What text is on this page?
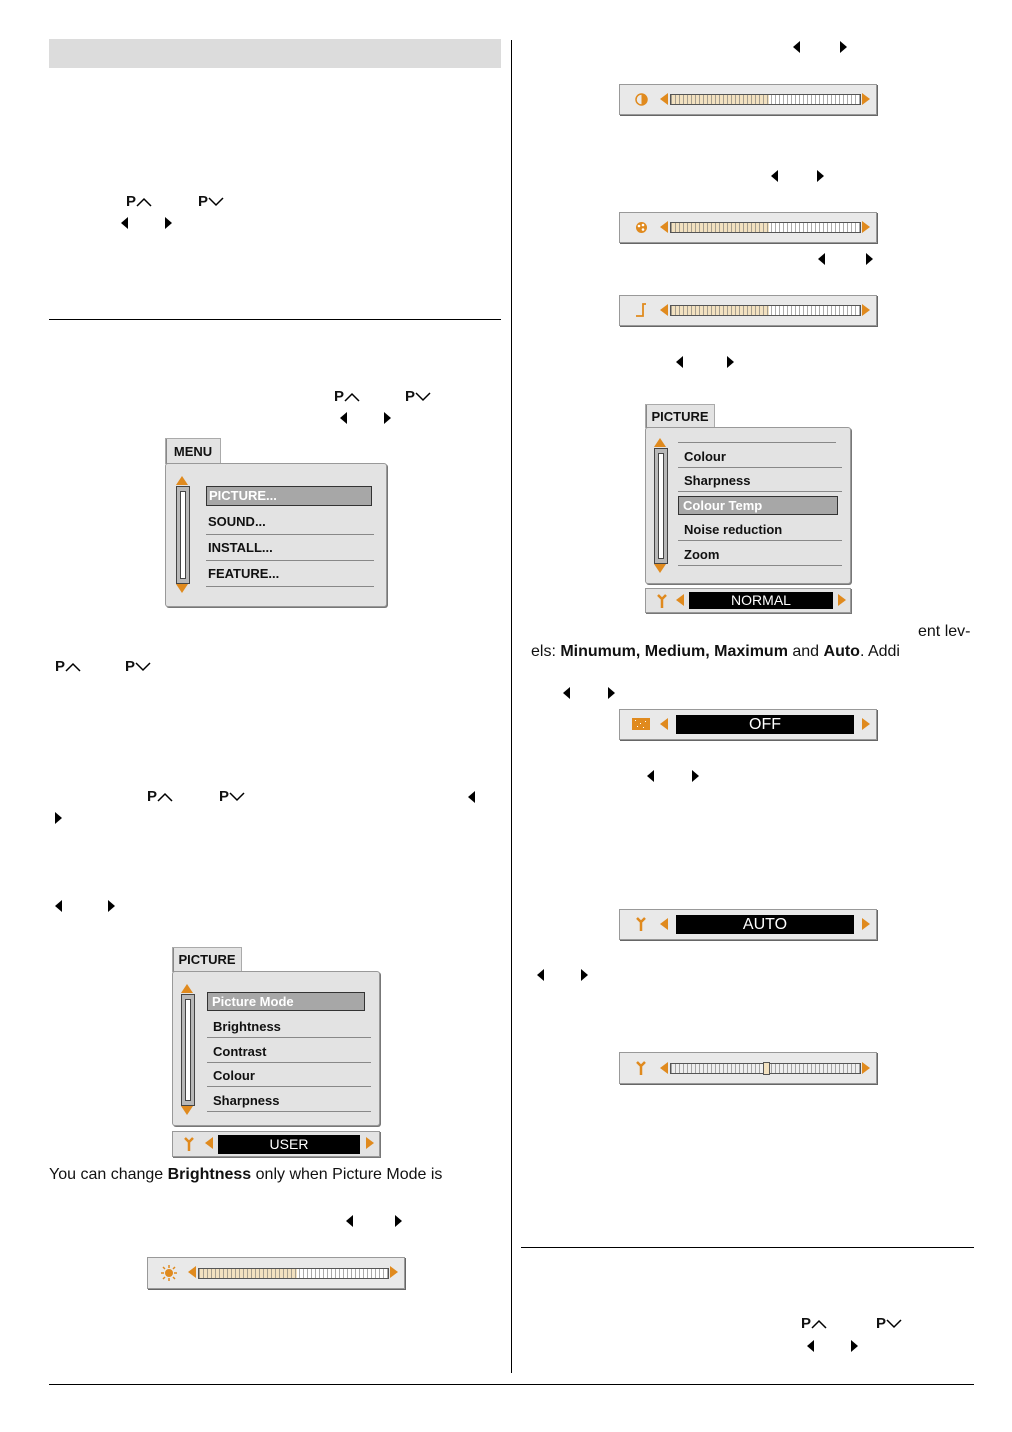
P	P
P	P
MENU
PICTURE...
SOUND...
INSTALL...
FEATURE...
P	P
P	P
PICTURE
Picture Mode
Brightness
Contrast
Colour
Sharpness
USER
You can change Brightness only when Picture Mode is
PICTURE
Colour
Sharpness
Colour Temp
Noise reduction
Zoom
NORMAL
ent lev-
els: Minumum, Medium, Maximum and Auto. Addi
OFF
AUTO
P	P
